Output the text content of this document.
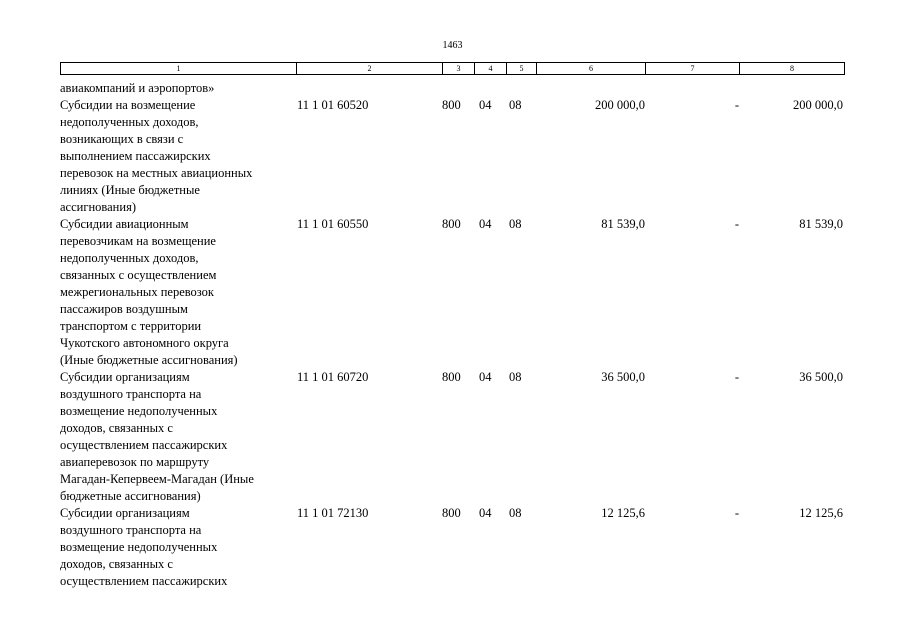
1463
1	2	3	4	5	6	7	8
авиакомпаний и аэропортов»
Субсидии на возмещение
недополученных доходов,
возникающих в связи с
выполнением пассажирских
перевозок на местных авиационных
линиях (Иные бюджетные
ассигнования)
11 1 01 60520	800 04 08	200 000,0	-	200 000,0
Субсидии авиационным
перевозчикам на возмещение
недополученных доходов,
связанных с осуществлением
межрегиональных перевозок
пассажиров воздушным
транспортом с территории
Чукотского автономного округа
(Иные бюджетные ассигнования)
11 1 01 60550	800 04 08	81 539,0	-	81 539,0
Субсидии организациям
воздушного транспорта на
возмещение недополученных
доходов, связанных с
осуществлением пассажирских
авиаперевозок по маршруту
Магадан-Кепервеем-Магадан (Иные
бюджетные ассигнования)
11 1 01 60720	800 04 08	36 500,0	-	36 500,0
Субсидии организациям
воздушного транспорта на
возмещение недополученных
доходов, связанных с
осуществлением пассажирских
11 1 01 72130	800 04 08	12 125,6	-	12 125,6
